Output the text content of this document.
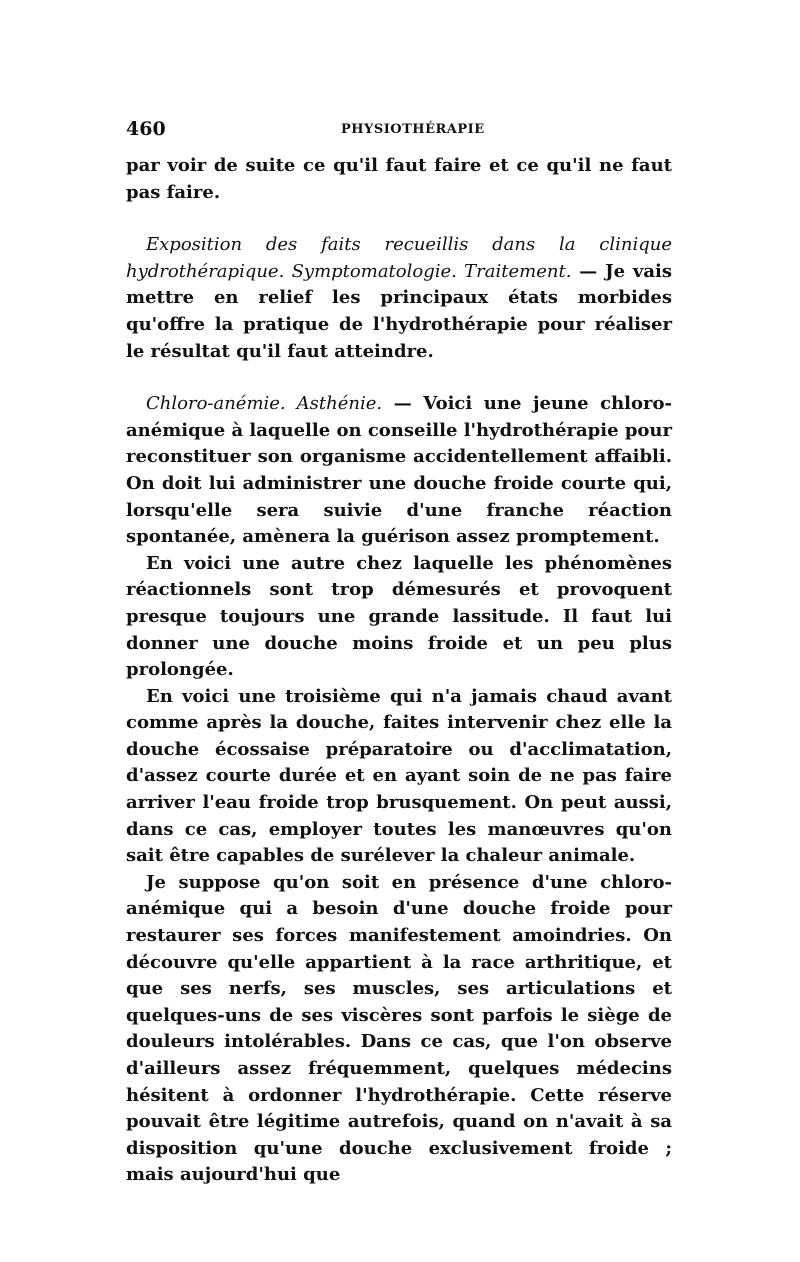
460	PHYSIOTHÉRAPIE

par voir de suite ce qu'il faut faire et ce qu'il ne faut pas faire.

Exposition des faits recueillis dans la clinique hydrothérapique. Symptomatologie. Traitement. — Je vais mettre en relief les principaux états morbides qu'offre la pratique de l'hydrothérapie pour réaliser le résultat qu'il faut atteindre.

Chloro-anémie. Asthénie. — Voici une jeune chloro-anémique à laquelle on conseille l'hydrothérapie pour reconstituer son organisme accidentellement affaibli. On doit lui administrer une douche froide courte qui, lorsqu'elle sera suivie d'une franche réaction spontanée, amènera la guérison assez promptement.

En voici une autre chez laquelle les phénomènes réactionnels sont trop démesurés et provoquent presque toujours une grande lassitude. Il faut lui donner une douche moins froide et un peu plus prolongée.

En voici une troisième qui n'a jamais chaud avant comme après la douche, faites intervenir chez elle la douche écossaise préparatoire ou d'acclimatation, d'assez courte durée et en ayant soin de ne pas faire arriver l'eau froide trop brusquement. On peut aussi, dans ce cas, employer toutes les manœuvres qu'on sait être capables de surélever la chaleur animale.

Je suppose qu'on soit en présence d'une chloro-anémique qui a besoin d'une douche froide pour restaurer ses forces manifestement amoindries. On découvre qu'elle appartient à la race arthritique, et que ses nerfs, ses muscles, ses articulations et quelques-uns de ses viscères sont parfois le siège de douleurs intolérables. Dans ce cas, que l'on observe d'ailleurs assez fréquemment, quelques médecins hésitent à ordonner l'hydrothérapie. Cette réserve pouvait être légitime autrefois, quand on n'avait à sa disposition qu'une douche exclusivement froide ; mais aujourd'hui que
